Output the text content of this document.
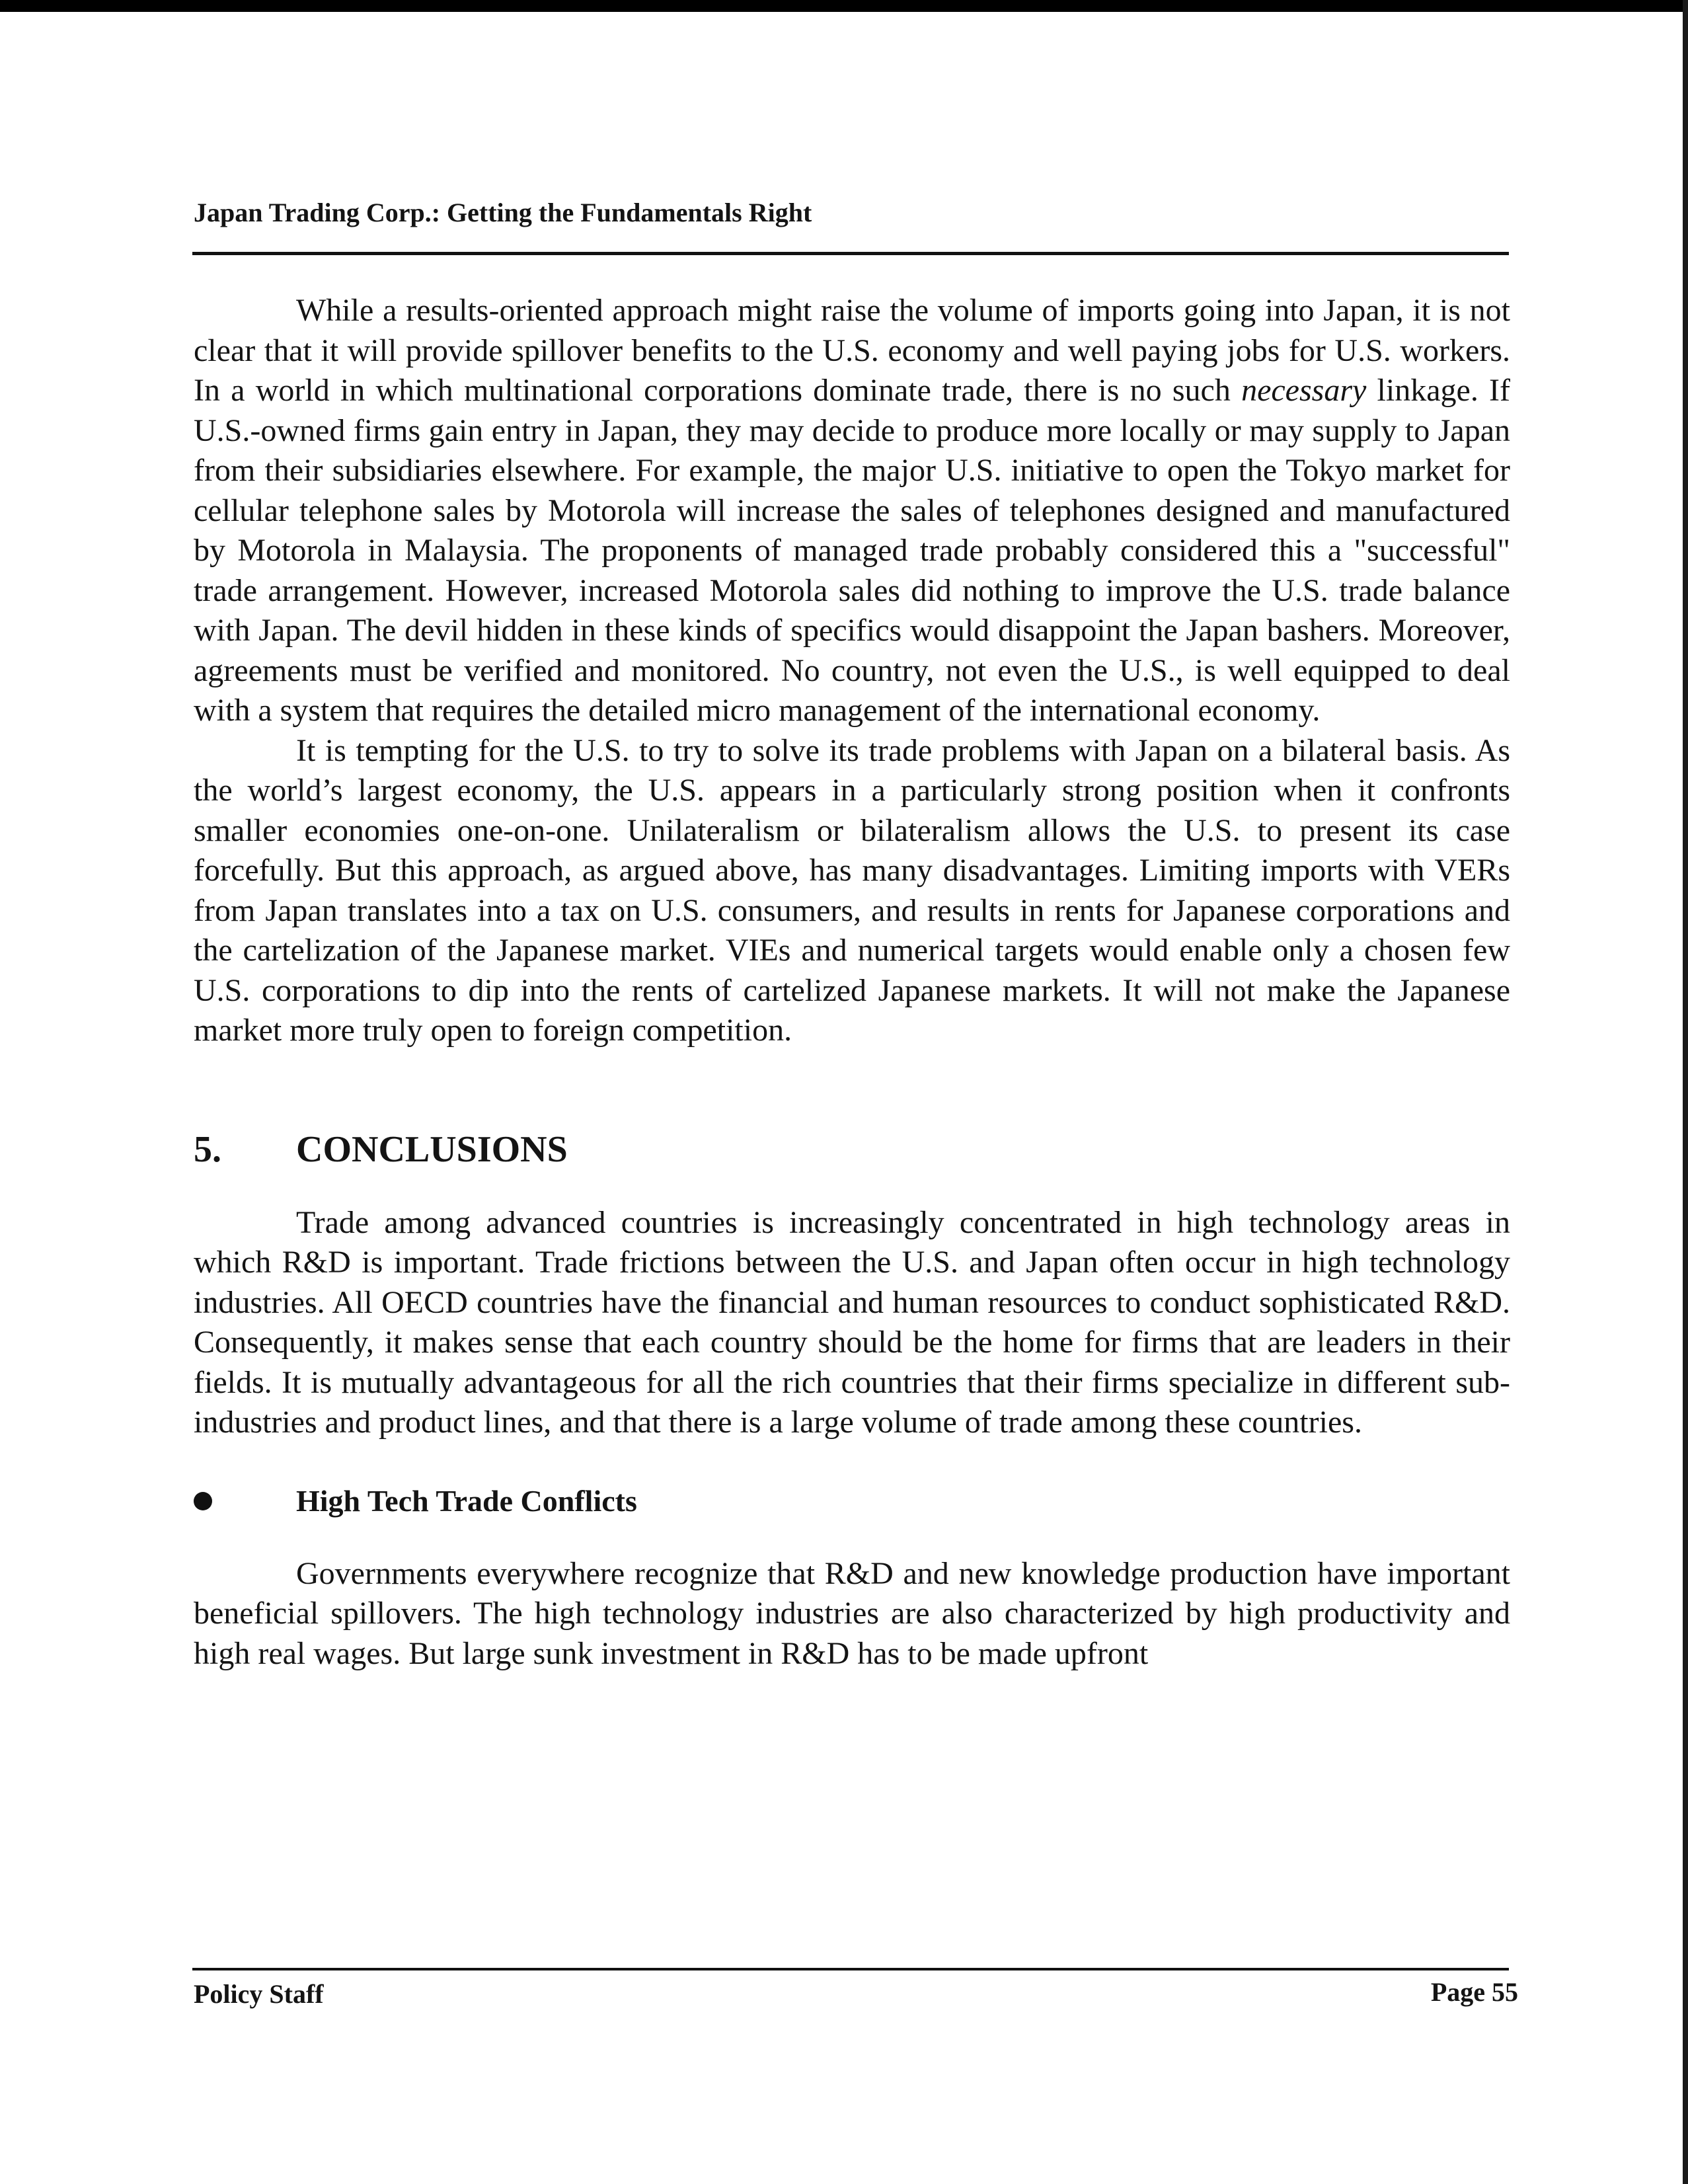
Japan Trading Corp.: Getting the Fundamentals Right

While a results-oriented approach might raise the volume of imports going into Japan, it is not clear that it will provide spillover benefits to the U.S. economy and well paying jobs for U.S. workers. In a world in which multinational corporations dominate trade, there is no such necessary linkage. If U.S.-owned firms gain entry in Japan, they may decide to produce more locally or may supply to Japan from their subsidiaries elsewhere. For example, the major U.S. initiative to open the Tokyo market for cellular telephone sales by Motorola will increase the sales of telephones designed and manufactured by Motorola in Malaysia. The proponents of managed trade probably considered this a "successful" trade arrangement. However, increased Motorola sales did nothing to improve the U.S. trade balance with Japan. The devil hidden in these kinds of specifics would disappoint the Japan bashers. Moreover, agreements must be verified and monitored. No country, not even the U.S., is well equipped to deal with a system that requires the detailed micro management of the international economy.

It is tempting for the U.S. to try to solve its trade problems with Japan on a bilateral basis. As the world’s largest economy, the U.S. appears in a particularly strong position when it confronts smaller economies one-on-one. Unilateralism or bilateralism allows the U.S. to present its case forcefully. But this approach, as argued above, has many disadvantages. Limiting imports with VERs from Japan translates into a tax on U.S. consumers, and results in rents for Japanese corporations and the cartelization of the Japanese market. VIEs and numerical targets would enable only a chosen few U.S. corporations to dip into the rents of cartelized Japanese markets. It will not make the Japanese market more truly open to foreign competition.

5. CONCLUSIONS

Trade among advanced countries is increasingly concentrated in high technology areas in which R&D is important. Trade frictions between the U.S. and Japan often occur in high technology industries. All OECD countries have the financial and human resources to conduct sophisticated R&D. Consequently, it makes sense that each country should be the home for firms that are leaders in their fields. It is mutually advantageous for all the rich countries that their firms specialize in different sub-industries and product lines, and that there is a large volume of trade among these countries.

High Tech Trade Conflicts

Governments everywhere recognize that R&D and new knowledge production have important beneficial spillovers. The high technology industries are also characterized by high productivity and high real wages. But large sunk investment in R&D has to be made upfront

Policy Staff	Page 55
